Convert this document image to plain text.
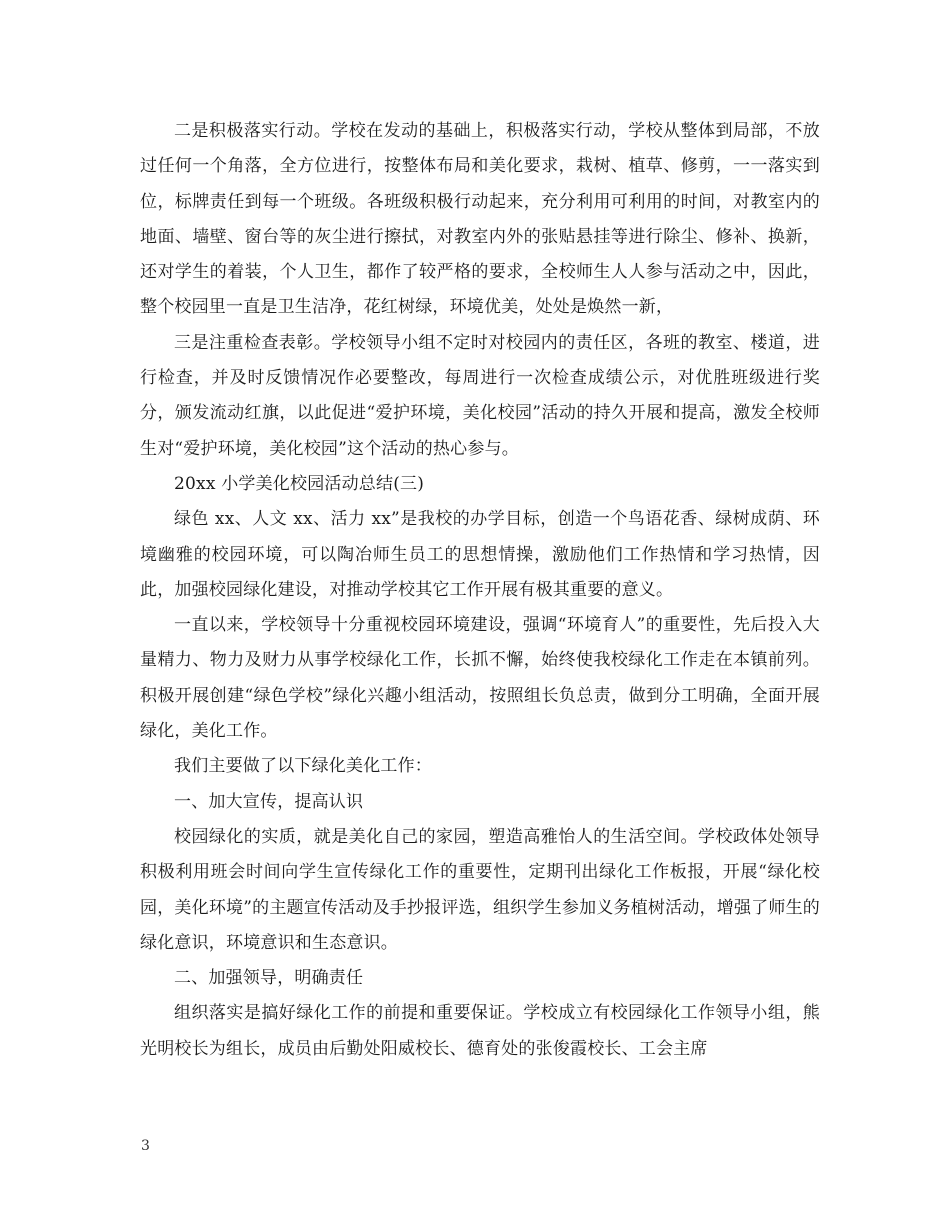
二是积极落实行动。学校在发动的基础上，积极落实行动，学校从整体到局部，不放过任何一个角落，全方位进行，按整体布局和美化要求，栽树、植草、修剪，一一落实到位，标牌责任到每一个班级。各班级积极行动起来，充分利用可利用的时间，对教室内的地面、墙壁、窗台等的灰尘进行擦拭，对教室内外的张贴悬挂等进行除尘、修补、换新，还对学生的着装，个人卫生，都作了较严格的要求，全校师生人人参与活动之中，因此，整个校园里一直是卫生洁净，花红树绿，环境优美，处处是焕然一新，

三是注重检查表彰。学校领导小组不定时对校园内的责任区，各班的教室、楼道，进行检查，并及时反馈情况作必要整改，每周进行一次检查成绩公示，对优胜班级进行奖分，颁发流动红旗，以此促进“爱护环境，美化校园”活动的持久开展和提高，激发全校师生对“爱护环境，美化校园”这个活动的热心参与。

20xx 小学美化校园活动总结(三)

绿色 xx、人文 xx、活力 xx”是我校的办学目标，创造一个鸟语花香、绿树成荫、环境幽雅的校园环境，可以陶冶师生员工的思想情操，激励他们工作热情和学习热情，因此，加强校园绿化建设，对推动学校其它工作开展有极其重要的意义。

一直以来，学校领导十分重视校园环境建设，强调“环境育人”的重要性，先后投入大量精力、物力及财力从事学校绿化工作，长抓不懈，始终使我校绿化工作走在本镇前列。积极开展创建“绿色学校”绿化兴趣小组活动，按照组长负总责，做到分工明确，全面开展绿化，美化工作。

我们主要做了以下绿化美化工作：

一、加大宣传，提高认识

校园绿化的实质，就是美化自己的家园，塑造高雅怡人的生活空间。学校政体处领导积极利用班会时间向学生宣传绿化工作的重要性，定期刊出绿化工作板报，开展“绿化校园，美化环境”的主题宣传活动及手抄报评选，组织学生参加义务植树活动，增强了师生的绿化意识，环境意识和生态意识。

二、加强领导，明确责任

组织落实是搞好绿化工作的前提和重要保证。学校成立有校园绿化工作领导小组，熊光明校长为组长，成员由后勤处阳威校长、德育处的张俊霞校长、工会主席

3
